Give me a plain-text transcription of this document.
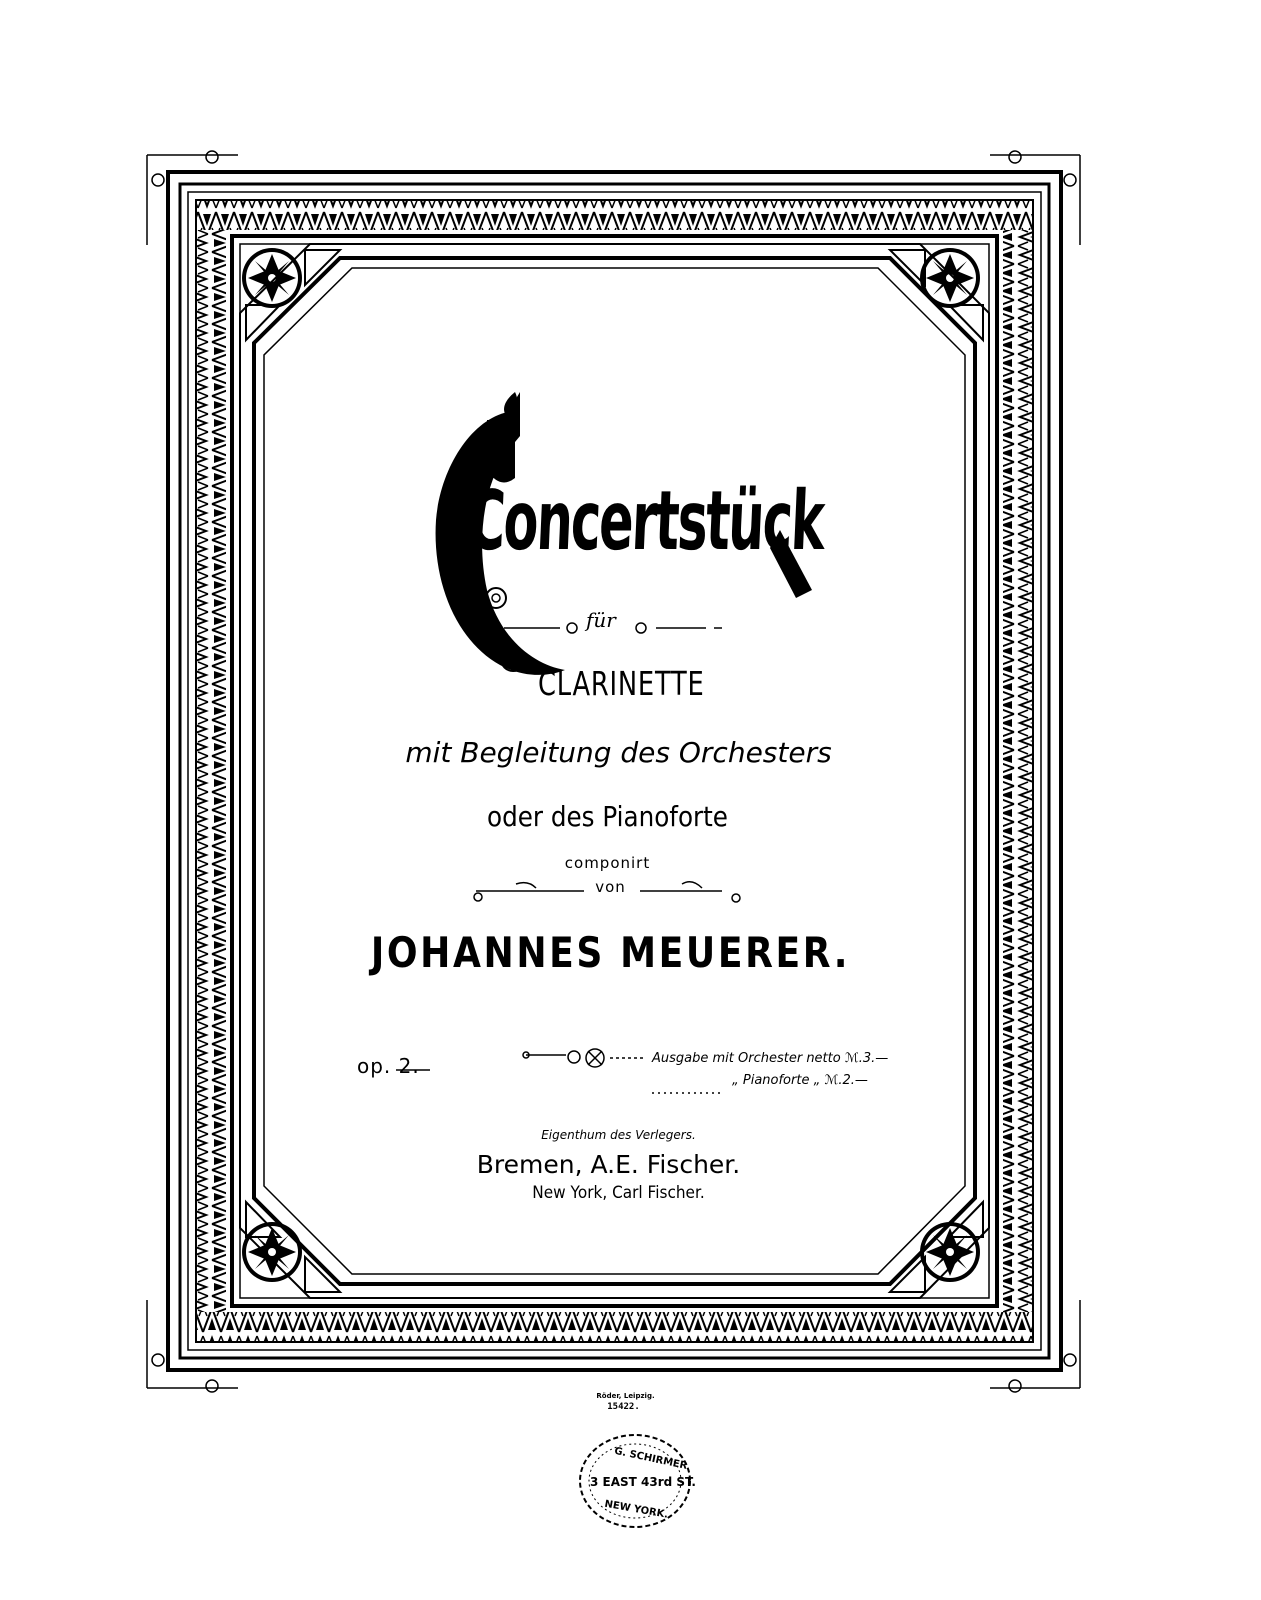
Concertstück
für
CLARINETTE
mit Begleitung des Orchesters
oder des Pianoforte
componirt
von
JOHANNES MEUERER.
op. 2.	Ausgabe mit Orchester netto ℳ.3.—
„ Pianoforte „ ℳ.2.—
Eigenthum des Verlegers.
Bremen, A.E. Fischer.
New York, Carl Fischer.
Röder, Leipzig.
15422.
G. SCHIRMER
3 EAST 43rd ST.
NEW YORK.
